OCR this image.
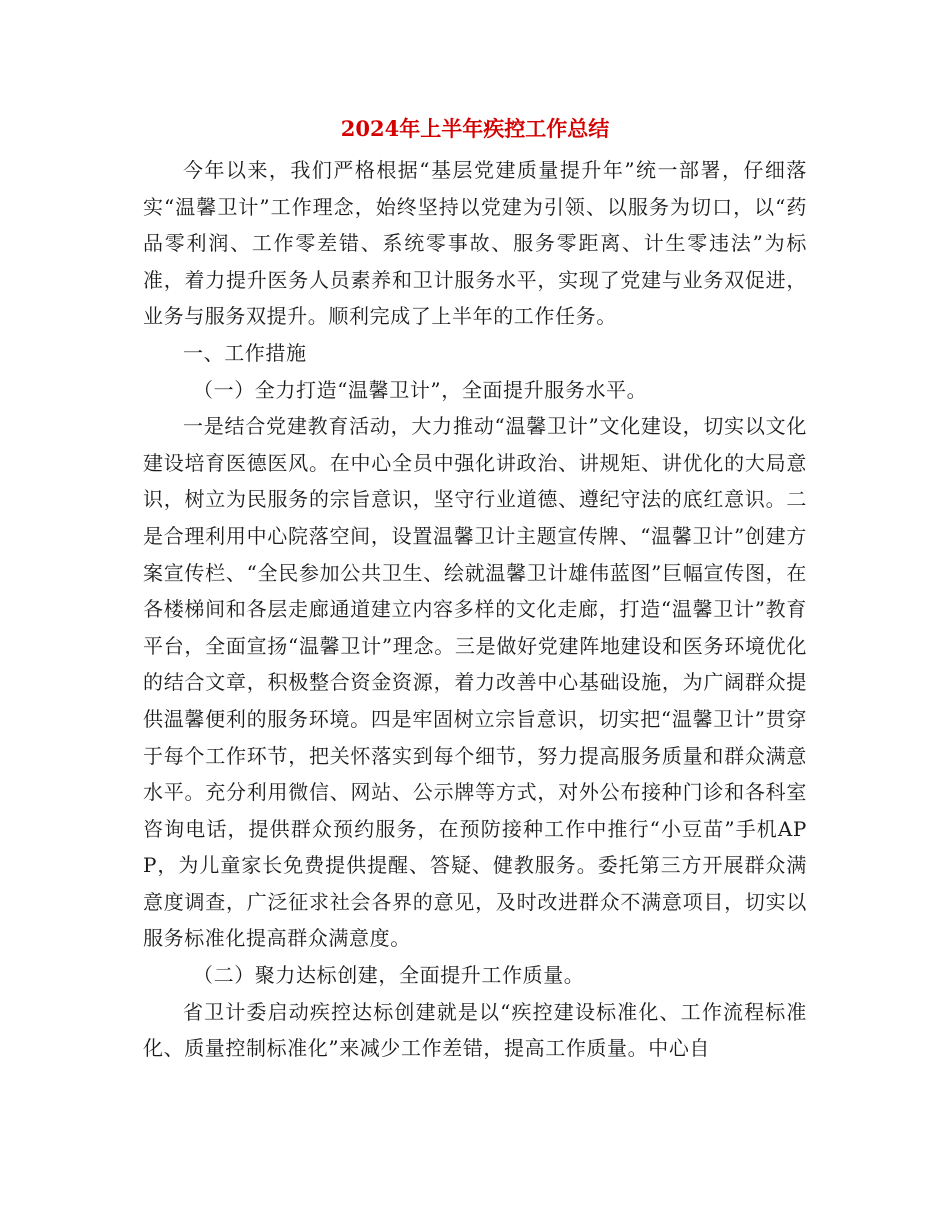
2024年上半年疾控工作总结

今年以来，我们严格根据“基层党建质量提升年”统一部署，仔细落实“温馨卫计”工作理念，始终坚持以党建为引领、以服务为切口，以“药品零利润、工作零差错、系统零事故、服务零距离、计生零违法”为标准，着力提升医务人员素养和卫计服务水平，实现了党建与业务双促进，业务与服务双提升。顺利完成了上半年的工作任务。

一、工作措施

（一）全力打造“温馨卫计”，全面提升服务水平。

一是结合党建教育活动，大力推动“温馨卫计”文化建设，切实以文化建设培育医德医风。在中心全员中强化讲政治、讲规矩、讲优化的大局意识，树立为民服务的宗旨意识，坚守行业道德、遵纪守法的底红意识。二是合理利用中心院落空间，设置温馨卫计主题宣传牌、“温馨卫计”创建方案宣传栏、“全民参加公共卫生、绘就温馨卫计雄伟蓝图”巨幅宣传图，在各楼梯间和各层走廊通道建立内容多样的文化走廊，打造“温馨卫计”教育平台，全面宣扬“温馨卫计”理念。三是做好党建阵地建设和医务环境优化的结合文章，积极整合资金资源，着力改善中心基础设施，为广阔群众提供温馨便利的服务环境。四是牢固树立宗旨意识，切实把“温馨卫计”贯穿于每个工作环节，把关怀落实到每个细节，努力提高服务质量和群众满意水平。充分利用微信、网站、公示牌等方式，对外公布接种门诊和各科室咨询电话，提供群众预约服务，在预防接种工作中推行“小豆苗”手机APP，为儿童家长免费提供提醒、答疑、健教服务。委托第三方开展群众满意度调查，广泛征求社会各界的意见，及时改进群众不满意项目，切实以服务标准化提高群众满意度。

（二）聚力达标创建，全面提升工作质量。

省卫计委启动疾控达标创建就是以“疾控建设标准化、工作流程标准化、质量控制标准化”来减少工作差错，提高工作质量。中心自
